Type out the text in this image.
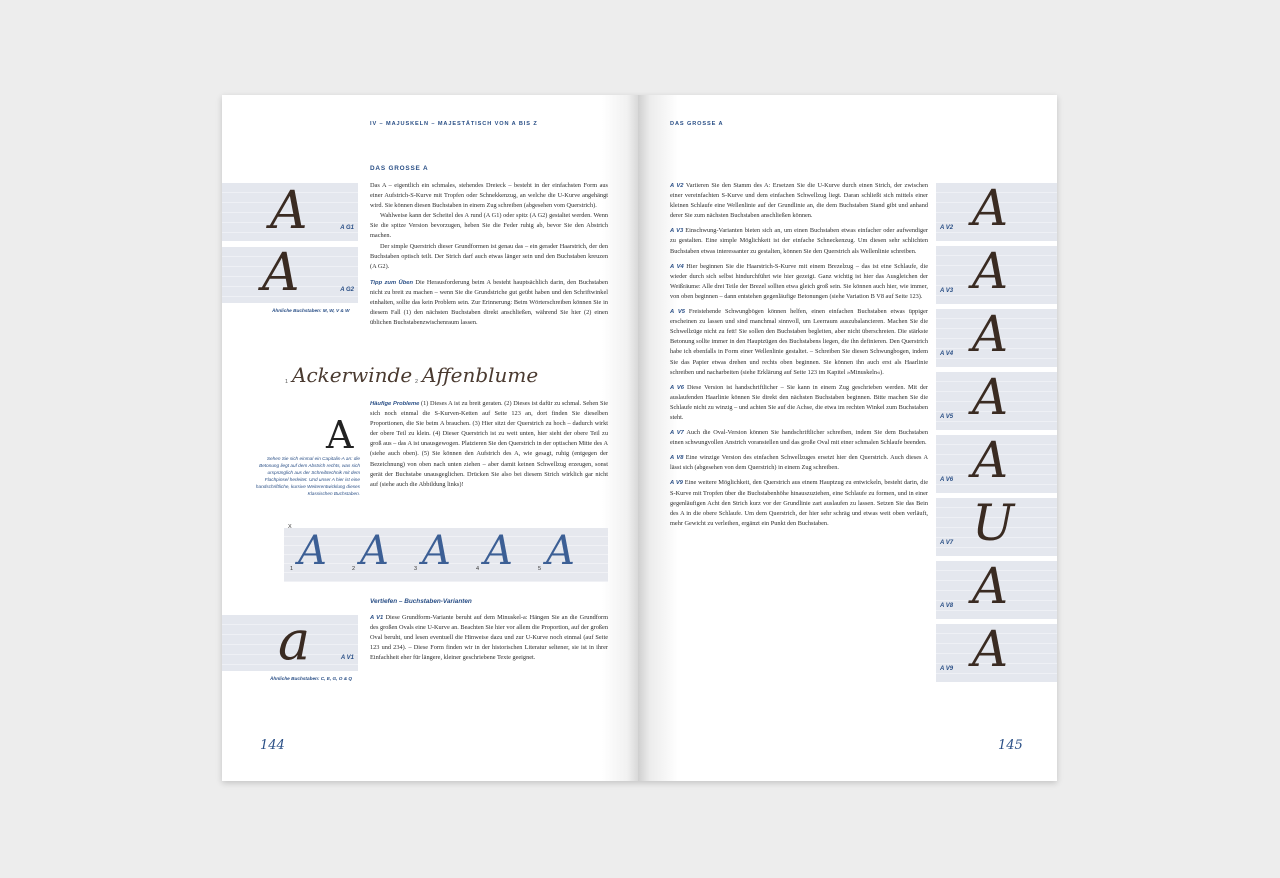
IV – MAJUSKELN – MAJESTÄTISCH VON A BIS Z
DAS GROSSE A
A	A G1
A	A G2
Ähnliche Buchstaben: M, W, V & W

Das A – eigentlich ein schmales, stehendes Dreieck – besteht in der einfachsten Form aus einer Aufstrich-S-Kurve mit Tropfen oder Schnekkenzug, an welche die U-Kurve angehängt wird. Sie können diesen Buchstaben in einem Zug schreiben (abgesehen vom Querstrich).

Wahlweise kann der Scheitel des A rund (A G1) oder spitz (A G2) gestaltet werden. Wenn Sie die spitze Version bevorzugen, heben Sie die Feder ruhig ab, bevor Sie den Abstrich machen.

Der simple Querstrich dieser Grundformen ist genau das – ein gerader Haarstrich, der den Buchstaben optisch teilt. Der Strich darf auch etwas länger sein und den Buchstaben kreuzen (A G2).

Tipp zum Üben Die Herausforderung beim A besteht hauptsächlich darin, den Buchstaben nicht zu breit zu machen – wenn Sie die Grundstriche gut geübt haben und den Schriftwinkel einhalten, sollte das kein Problem sein. Zur Erinnerung: Beim Wörterschreiben können Sie in diesem Fall (1) den nächsten Buchstaben direkt anschließen, während Sie hier (2) einen üblichen Buchstabenzwischenraum lassen.

1 Ackerwinde 2 Affenblume
A
Sehen Sie sich einmal ein Capitalis-A an: die Betonung liegt auf dem Abstrich rechts, was sich ursprünglich aus der Schreibtechnik mit dem Flachpinsel herleitet. Und unser A hier ist eine handschriftliche, kursive Weiterentwicklung dieses Klassischen Buchstaben.

Häufige Probleme (1) Dieses A ist zu breit geraten. (2) Dieses ist dafür zu schmal. Sehen Sie sich noch einmal die S-Kurven-Ketten auf Seite 123 an, dort finden Sie dieselben Proportionen, die Sie beim A brauchen. (3) Hier sitzt der Querstrich zu hoch – dadurch wirkt der obere Teil zu klein. (4) Dieser Querstrich ist zu weit unten, hier sieht der obere Teil zu groß aus – das A ist unausgewogen. Platzieren Sie den Querstrich in der optischen Mitte des A (siehe auch oben). (5) Sie können den Aufstrich des A, wie gesagt, ruhig (entgegen der Bezeichnung) von oben nach unten ziehen – aber damit keinen Schwellzug erzeugen, sonst gerät der Buchstabe unausgeglichen. Drücken Sie also bei diesem Strich wirklich gar nicht auf (siehe auch die Abbildung links)!

X
A A A A A
1	2	3	4	5
Vertiefen – Buchstaben-Varianten
a	A V1
Ähnliche Buchstaben: C, E, G, O & Q

A V1 Diese Grundform-Variante beruht auf dem Minuskel-a: Hängen Sie an die Grundform des großen Ovals eine U-Kurve an. Beachten Sie hier vor allem die Proportion, auf der großen Oval beruht, und lesen eventuell die Hinweise dazu und zur U-Kurve noch einmal (auf Seite 123 und 234). – Diese Form finden wir in der historischen Literatur seltener, sie ist in ihrer Einfachheit eher für längere, kleiner geschriebene Texte geeignet.

144
DAS GROSSE A

A V2 Variieren Sie den Stamm des A: Ersetzen Sie die U-Kurve durch einen Strich, der zwischen einer vereinfachten S-Kurve und dem einfachen Schwellzug liegt. Daran schließt sich mittels einer kleinen Schlaufe eine Wellenlinie auf der Grundlinie an, die dem Buchstaben Stand gibt und anhand derer Sie zum nächsten Buchstaben anschließen können.

A V3 Einschwung-Varianten bieten sich an, um einen Buchstaben etwas einfacher oder aufwendiger zu gestalten. Eine simple Möglichkeit ist der einfache Schneckenzug. Um diesen sehr schlichten Buchstaben etwas interessanter zu gestalten, können Sie den Querstrich als Wellenlinie schreiben.

A V4 Hier beginnen Sie die Haarstrich-S-Kurve mit einem Brezelzug – das ist eine Schlaufe, die wieder durch sich selbst hindurchführt wie hier gezeigt. Ganz wichtig ist hier das Ausgleichen der Weißräume: Alle drei Teile der Brezel sollten etwa gleich groß sein. Sie können auch hier, wie immer, von oben beginnen – dann entstehen gegenläufige Betonungen (siehe Variation B V8 auf Seite 123).

A V5 Freistehende Schwungbögen können helfen, einen einfachen Buchstaben etwas üppiger erscheinen zu lassen und sind manchmal sinnvoll, um Leerraum auszubalancieren. Machen Sie die Schwellzüge nicht zu fett! Sie sollen den Buchstaben begleiten, aber nicht überschreien. Die stärkste Betonung sollte immer in den Hauptzügen des Buchstabens liegen, die ihn definieren. Den Querstrich habe ich ebenfalls in Form einer Wellenlinie gestaltet. – Schreiben Sie diesen Schwungbogen, indem Sie das Papier etwas drehen und rechts oben beginnen. Sie können ihn auch erst als Haarlinie schreiben und nacharbeiten (siehe Erklärung auf Seite 123 im Kapitel »Minuskeln«).

A V6 Diese Version ist handschriftlicher – Sie kann in einem Zug geschrieben werden. Mit der auslaufenden Haarlinie können Sie direkt den nächsten Buchstaben beginnen. Bitte machen Sie die Schlaufe nicht zu winzig – und achten Sie auf die Achse, die etwa im rechten Winkel zum Buchstaben steht.

A V7 Auch die Oval-Version können Sie handschriftlicher schreiben, indem Sie dem Buchstaben einen schwungvollen Anstrich voranstellen und das große Oval mit einer schmalen Schlaufe beenden.

A V8 Eine winzige Version des einfachen Schwellzuges ersetzt hier den Querstrich. Auch dieses A lässt sich (abgesehen von dem Querstrich) in einem Zug schreiben.

A V9 Eine weitere Möglichkeit, den Querstrich aus einem Hauptzug zu entwickeln, besteht darin, die S-Kurve mit Tropfen über die Buchstabenhöhe hinauszuziehen, eine Schlaufe zu formen, und in einer gegenläufigen Acht den Strich kurz vor der Grundlinie zart auslaufen zu lassen. Setzen Sie das Bein des A in die obere Schlaufe. Um dem Querstrich, der hier sehr schräg und etwas weit oben verläuft, mehr Gewicht zu verleihen, ergänzt ein Punkt den Buchstaben.

A
A V2
A
A V3
A
A V4
A
A V5
A
A V6
U
A V7
A
A V8
A
A V9
145
